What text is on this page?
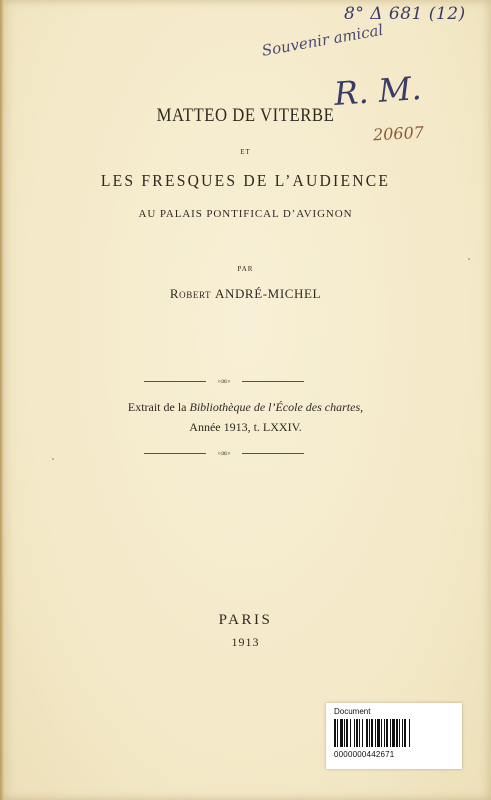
8° Δ 681 (12)
Souvenir amical
R. M.
20607
MATTEO DE VITERBE
ET
LES FRESQUES DE L’AUDIENCE
AU PALAIS PONTIFICAL D’AVIGNON
PAR
Robert ANDRÉ-MICHEL
◦∞◦
Extrait de la Bibliothèque de l’École des chartes,
Année 1913, t. LXXIV.
◦∞◦
PARIS
1913
Document
0000000442671
